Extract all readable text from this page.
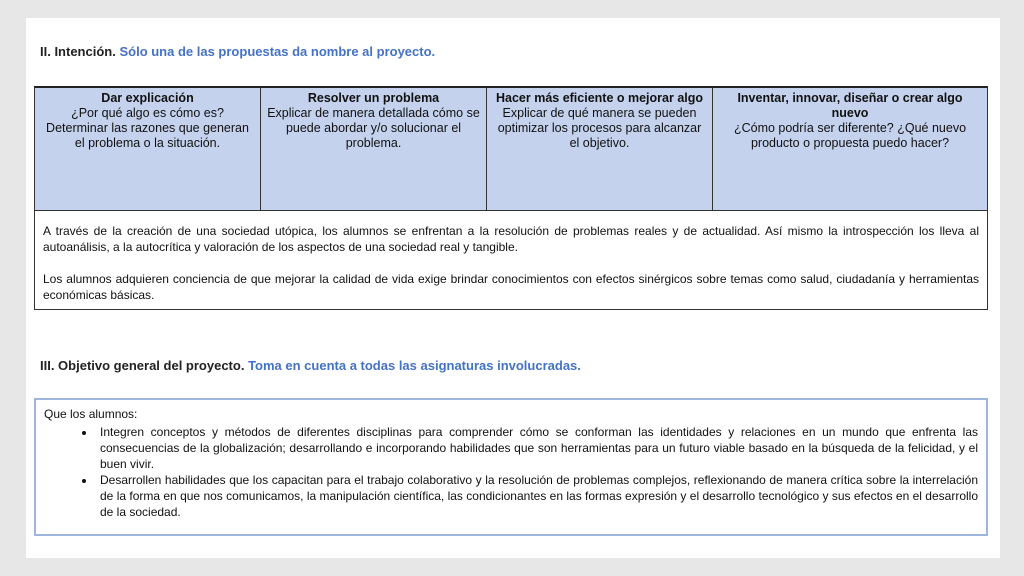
II. Intención. Sólo una de las propuestas da nombre al proyecto.
Dar explicación
¿Por qué algo es cómo es? Determinar las razones que generan el problema o la situación.
Resolver un problema
Explicar de manera detallada cómo se puede abordar y/o solucionar el problema.
Hacer más eficiente o mejorar algo
Explicar de qué manera se pueden optimizar los procesos para alcanzar el objetivo.
Inventar, innovar, diseñar o crear algo nuevo
¿Cómo podría ser diferente? ¿Qué nuevo producto o propuesta puedo hacer?

A través de la creación de una sociedad utópica, los alumnos se enfrentan a la resolución de problemas reales y de actualidad. Así mismo la introspección los lleva al autoanálisis, a la autocrítica y valoración de los aspectos de una sociedad real y tangible.

Los alumnos adquieren conciencia de que mejorar la calidad de vida exige brindar conocimientos con efectos sinérgicos sobre temas como salud, ciudadanía y herramientas económicas básicas.

III. Objetivo general del proyecto. Toma en cuenta a todas las asignaturas involucradas.

Que los alumnos:

• Integren conceptos y métodos de diferentes disciplinas para comprender cómo se conforman las identidades y relaciones en un mundo que enfrenta las consecuencias de la globalización; desarrollando e incorporando habilidades que son herramientas para un futuro viable basado en la búsqueda de la felicidad, y el buen vivir.
• Desarrollen habilidades que los capacitan para el trabajo colaborativo y la resolución de problemas complejos, reflexionando de manera crítica sobre la interrelación de la forma en que nos comunicamos, la manipulación científica, las condicionantes en las formas expresión y el desarrollo tecnológico y sus efectos en el desarrollo de la sociedad.
